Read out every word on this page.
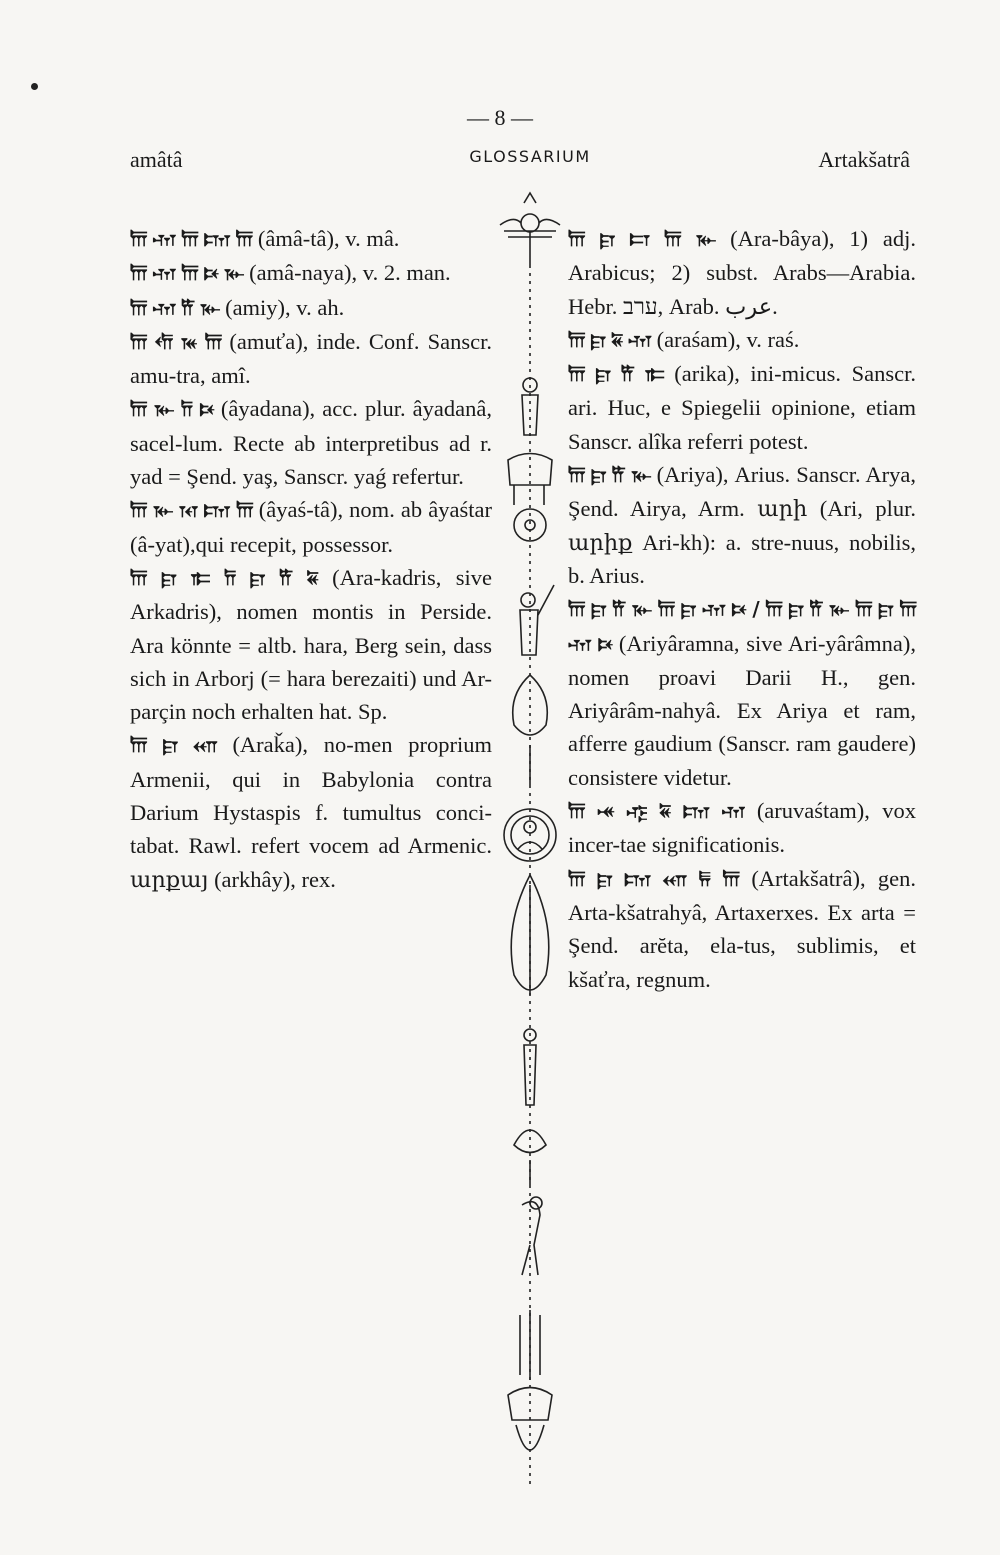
— 8 —
amâtâ	GLOSSARIUM	Artakšatrâ

𐎠 𐎶 𐎠 𐎫 𐎠 (âmâ-tâ), v. mâ.

𐎠 𐎶 𐎠 𐎴 𐎹 (amâ-naya), v. 2. man.

𐎠 𐎶 𐎡 𐎹 (amiy), v. ah.

𐎠 𐎢 𐎳 𐎠 (amuťa), inde. Conf. Sanscr. amu-tra, amî.

𐎠 𐎹 𐎭 𐎴 (âyadana), acc. plur. âyadanâ, sacel-lum. Recte ab interpretibus ad r. yad = Şend. yaş, Sanscr. yaǵ refertur.

𐎠 𐎹 𐎰 𐎫 𐎠 (âyaś-tâ), nom. ab âyaśtar (â-yat),qui recepit, possessor.

𐎠 𐎼 𐎣 𐎭 𐎼 𐎡 𐏁 (Ara-kadris, sive Arkadris), nomen montis in Perside. Ara könnte = altb. hara, Berg sein, dass sich in Arborj (= hara berezaiti) und Ar-parçin noch erhalten hat. Sp.

𐎠 𐎼 𐎧 (Araǩa), no-men proprium Armenii, qui in Babylonia contra Darium Hystaspis f. tumultus conci-tabat. Rawl. refert vocem ad Armenic. արքայ (arkhây), rex.

𐎠 𐎼 𐎲 𐎠 𐎹 (Ara-bâya), 1) adj. Arabicus; 2) subst. Arabs—Arabia. Hebr. ערב, Arab. عرب.

𐎠 𐎼 𐏁 𐎶 (araśam), v. raś.

𐎠 𐎼 𐎡 𐎣 (arika), ini-micus. Sanscr. ari. Huc, e Spiegelii opinione, etiam Sanscr. alîka referri potest.

𐎠 𐎼 𐎡 𐎹 (Ariya), Arius. Sanscr. Arya, Şend. Airya, Arm. արի (Ari, plur. արիք Ari-kh): a. stre-nuus, nobilis, b. Arius.

𐎠 𐎼 𐎡 𐎹 𐎠 𐎼 𐎶 𐎴 / 𐎠 𐎼 𐎡 𐎹 𐎠 𐎼 𐎠 𐎶 𐎴 (Ariyâramna, sive Ari-yârâmna), nomen proavi Darii H., gen. Ariyârâm-nahyâ. Ex Ariya et ram, afferre gaudium (Sanscr. ram gaudere) consistere videtur.

𐎠 𐎽 𐎺 𐏁 𐎫 𐎶 (aruvaśtam), vox incer-tae significationis.

𐎠 𐎼 𐎫 𐎧 𐏂 𐎠 (Artakšatrâ), gen. Arta-kšatrahyâ, Artaxerxes. Ex arta = Şend. arĕta, ela-tus, sublimis, et kšaťra, regnum.
